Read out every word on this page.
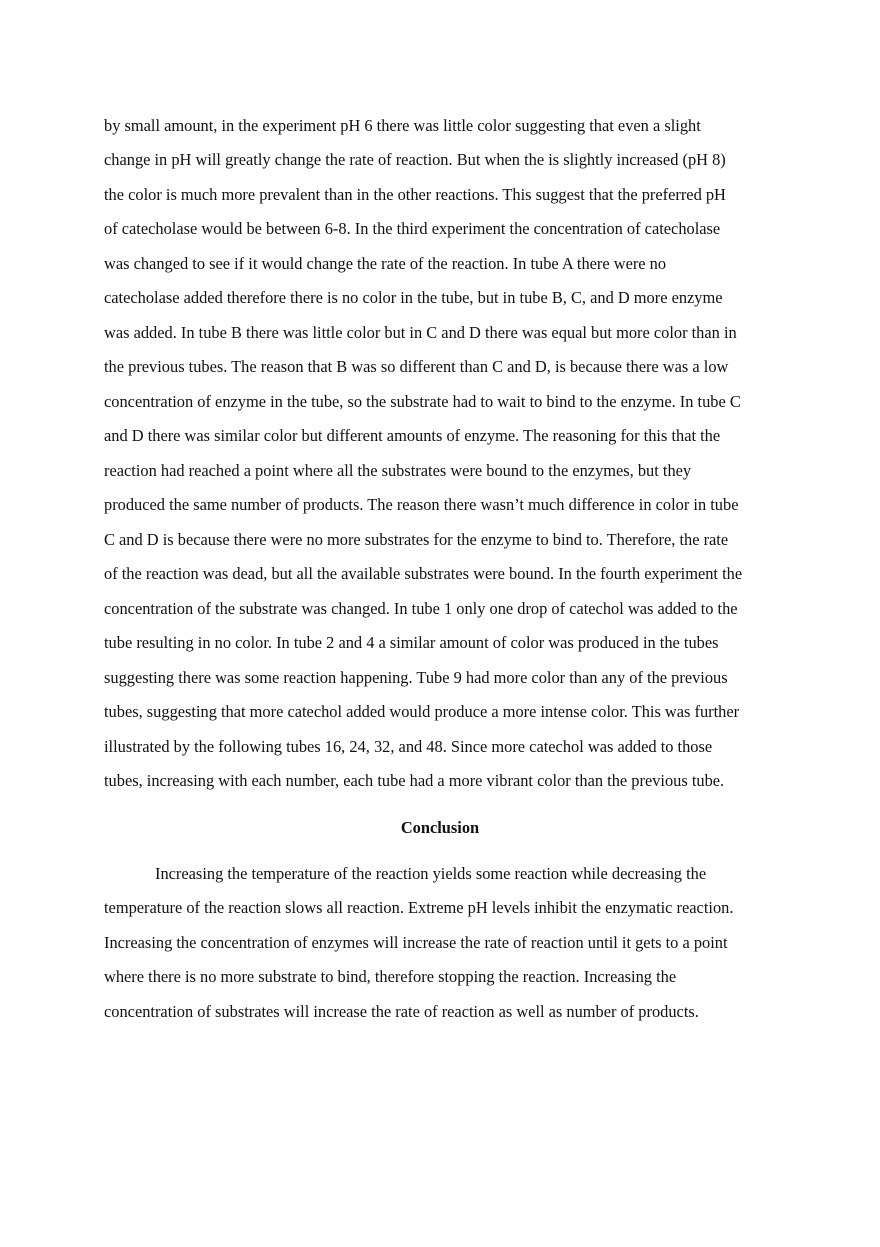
by small amount, in the experiment pH 6 there was little color suggesting that even a slight
change in pH will greatly change the rate of reaction. But when the is slightly increased (pH 8)
the color is much more prevalent than in the other reactions. This suggest that the preferred pH
of catecholase would be between 6-8. In the third experiment the concentration of catecholase
was changed to see if it would change the rate of the reaction. In tube A there were no
catecholase added therefore there is no color in the tube, but in tube B, C, and D more enzyme
was added. In tube B there was little color but in C and D there was equal but more color than in
the previous tubes. The reason that B was so different than C and D, is because there was a low
concentration of enzyme in the tube, so the substrate had to wait to bind to the enzyme. In tube C
and D there was similar color but different amounts of enzyme. The reasoning for this that the
reaction had reached a point where all the substrates were bound to the enzymes, but they
produced the same number of products. The reason there wasn’t much difference in color in tube
C and D is because there were no more substrates for the enzyme to bind to. Therefore, the rate
of the reaction was dead, but all the available substrates were bound. In the fourth experiment the
concentration of the substrate was changed. In tube 1 only one drop of catechol was added to the
tube resulting in no color. In tube 2 and 4 a similar amount of color was produced in the tubes
suggesting there was some reaction happening. Tube 9 had more color than any of the previous
tubes, suggesting that more catechol added would produce a more intense color. This was further
illustrated by the following tubes 16, 24, 32, and 48. Since more catechol was added to those
tubes, increasing with each number, each tube had a more vibrant color than the previous tube.
Conclusion
Increasing the temperature of the reaction yields some reaction while decreasing the
temperature of the reaction slows all reaction. Extreme pH levels inhibit the enzymatic reaction.
Increasing the concentration of enzymes will increase the rate of reaction until it gets to a point
where there is no more substrate to bind, therefore stopping the reaction. Increasing the
concentration of substrates will increase the rate of reaction as well as number of products.
